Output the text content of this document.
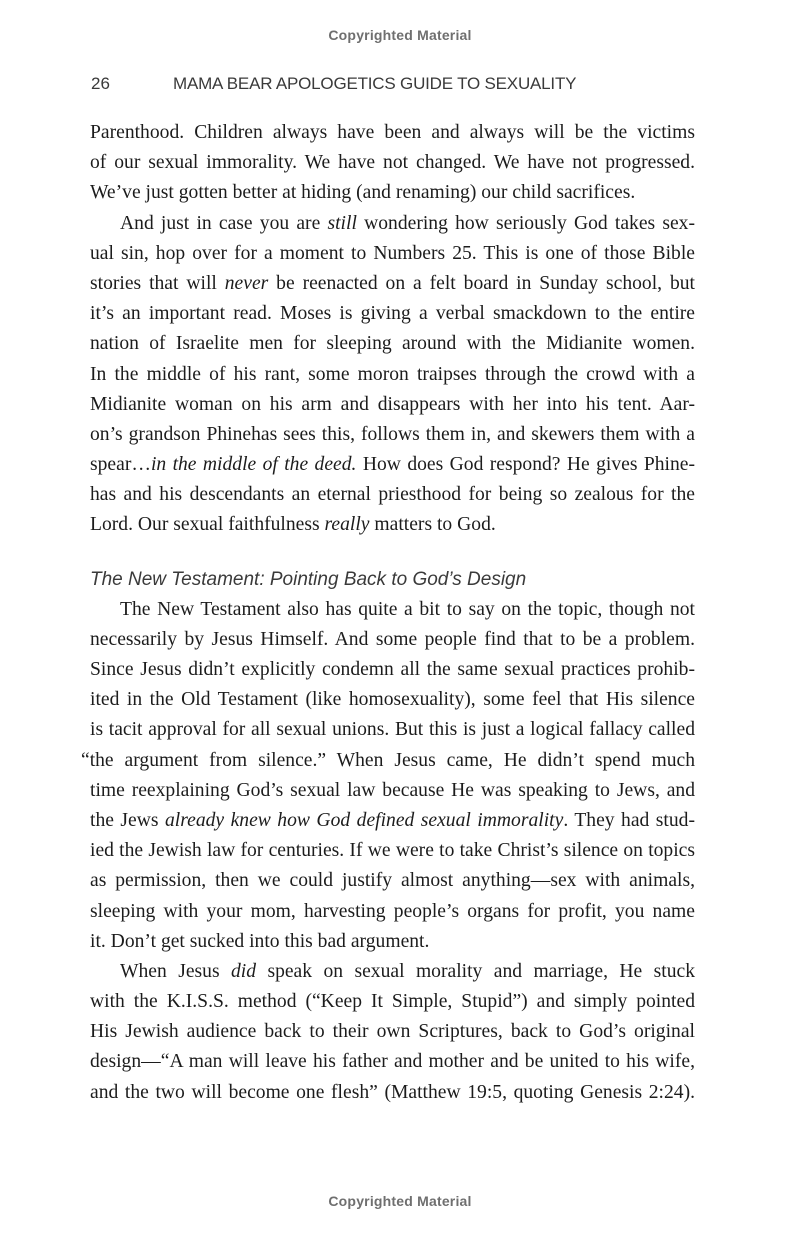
Copyrighted Material
26	MAMA BEAR APOLOGETICS GUIDE TO SEXUALITY
Parenthood. Children always have been and always will be the victims
of our sexual immorality. We have not changed. We have not progressed.
We’ve just gotten better at hiding (and renaming) our child sacrifices.
And just in case you are still wondering how seriously God takes sex-
ual sin, hop over for a moment to Numbers 25. This is one of those Bible
stories that will never be reenacted on a felt board in Sunday school, but
it’s an important read. Moses is giving a verbal smackdown to the entire
nation of Israelite men for sleeping around with the Midianite women.
In the middle of his rant, some moron traipses through the crowd with a
Midianite woman on his arm and disappears with her into his tent. Aar-
on’s grandson Phinehas sees this, follows them in, and skewers them with a
spear…in the middle of the deed. How does God respond? He gives Phine-
has and his descendants an eternal priesthood for being so zealous for the
Lord. Our sexual faithfulness really matters to God.
The New Testament: Pointing Back to God’s Design
The New Testament also has quite a bit to say on the topic, though not
necessarily by Jesus Himself. And some people find that to be a problem.
Since Jesus didn’t explicitly condemn all the same sexual practices prohib-
ited in the Old Testament (like homosexuality), some feel that His silence
is tacit approval for all sexual unions. But this is just a logical fallacy called
“the argument from silence.” When Jesus came, He didn’t spend much
time reexplaining God’s sexual law because He was speaking to Jews, and
the Jews already knew how God defined sexual immorality. They had stud-
ied the Jewish law for centuries. If we were to take Christ’s silence on topics
as permission, then we could justify almost anything—sex with animals,
sleeping with your mom, harvesting people’s organs for profit, you name
it. Don’t get sucked into this bad argument.
When Jesus did speak on sexual morality and marriage, He stuck
with the K.I.S.S. method (“Keep It Simple, Stupid”) and simply pointed
His Jewish audience back to their own Scriptures, back to God’s original
design—“A man will leave his father and mother and be united to his wife,
and the two will become one flesh” (Matthew 19:5, quoting Genesis 2:24).
Copyrighted Material
